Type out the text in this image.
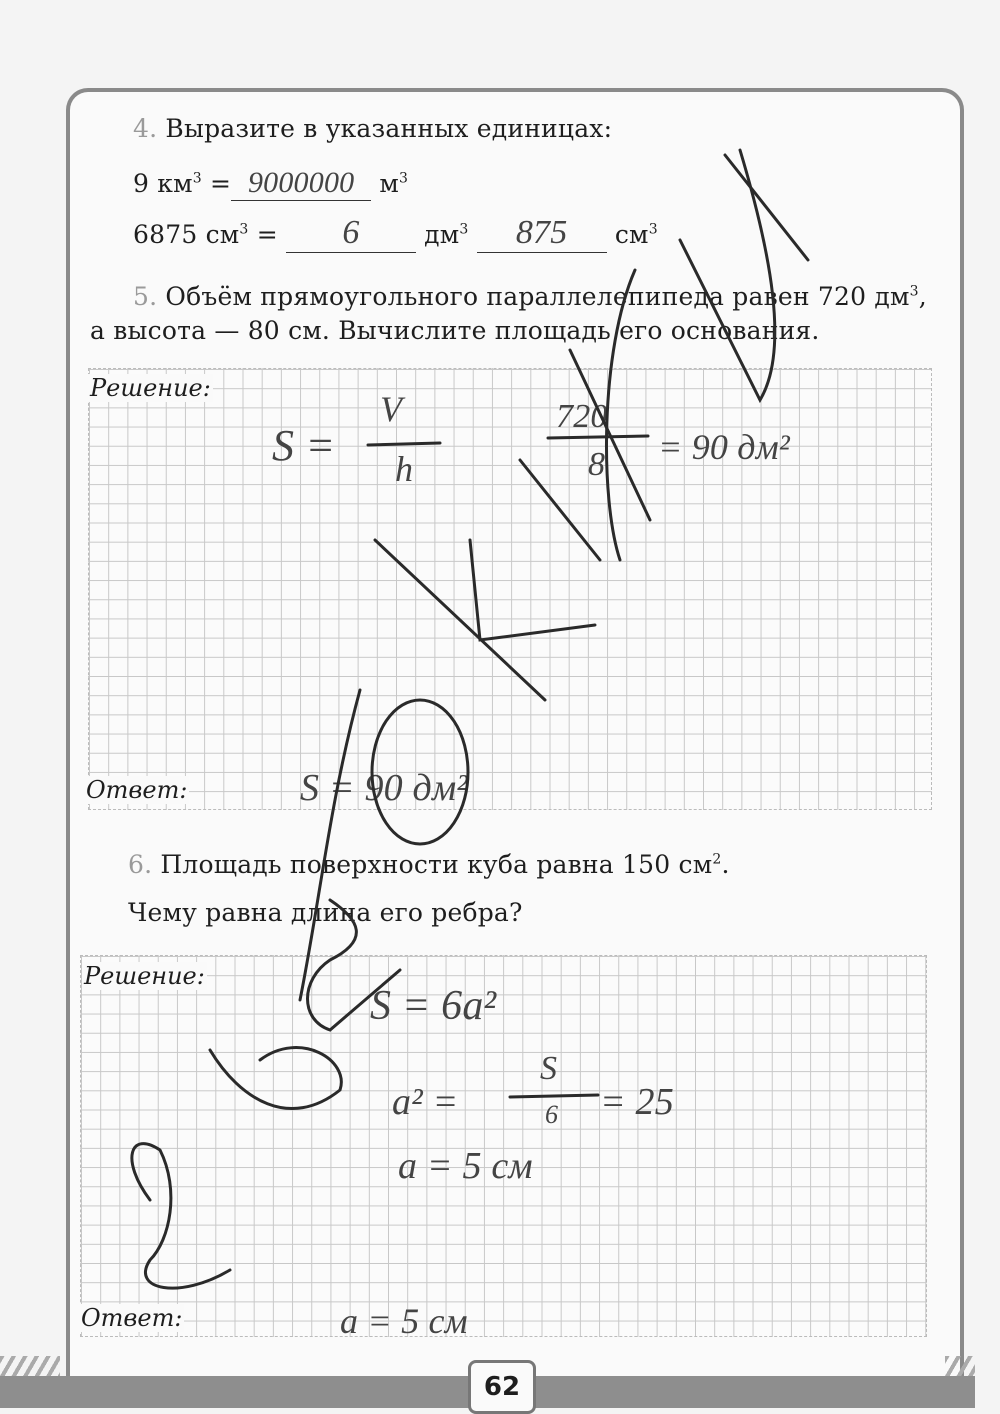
4. Выразите в указанных единицах:
9 $км^3 = 9000000$ $м^3$
6875 $см^3 = 6$	$дм^3$ 875 $см^3$
5. Объём прямоугольного параллелепипеда равен 720 $дм^3$,
а высота — 80 см. Вычислите площадь его основания.
Решение:
Ответ:
S =
V
h
720
8 = 90 дм²
S = 90 дм²
6. Площадь поверхности куба равна 150 $см^2$.
Чему равна длина его ребра?
Решение:
Ответ:
S = 6a²
a² =
S
6 = 25
a = 5 см
a = 5 см
62
